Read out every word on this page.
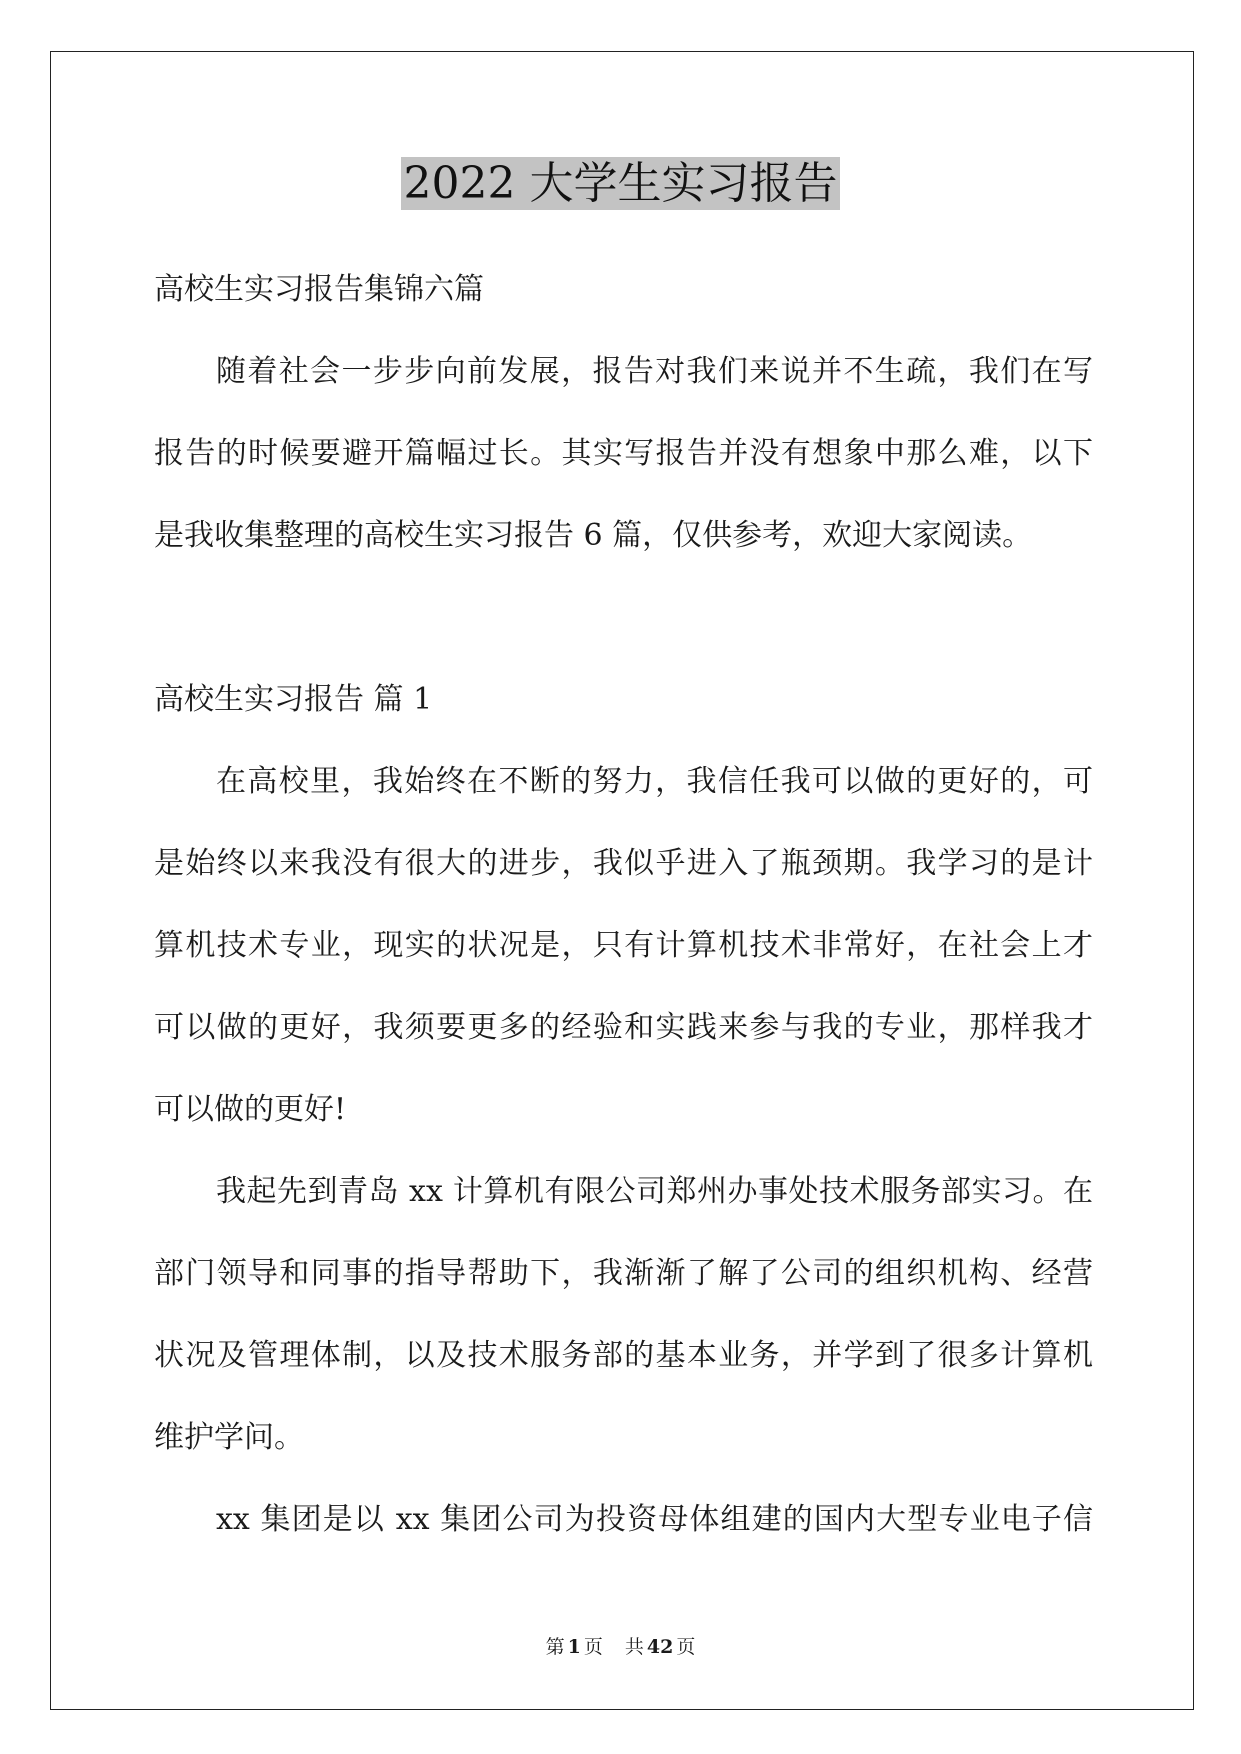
2022 大学生实习报告
高校生实习报告集锦六篇
随着社会一步步向前发展，报告对我们来说并不生疏，我们在写
报告的时候要避开篇幅过长。其实写报告并没有想象中那么难，以下
是我收集整理的高校生实习报告 6 篇，仅供参考，欢迎大家阅读。
高校生实习报告 篇 1
在高校里，我始终在不断的努力，我信任我可以做的更好的，可
是始终以来我没有很大的进步，我似乎进入了瓶颈期。我学习的是计
算机技术专业，现实的状况是，只有计算机技术非常好，在社会上才
可以做的更好，我须要更多的经验和实践来参与我的专业，那样我才
可以做的更好!
我起先到青岛 xx 计算机有限公司郑州办事处技术服务部实习。在
部门领导和同事的指导帮助下，我渐渐了解了公司的组织机构、经营
状况及管理体制，以及技术服务部的基本业务，并学到了很多计算机
维护学问。
xx 集团是以 xx 集团公司为投资母体组建的国内大型专业电子信
第 1 页 共 42 页
